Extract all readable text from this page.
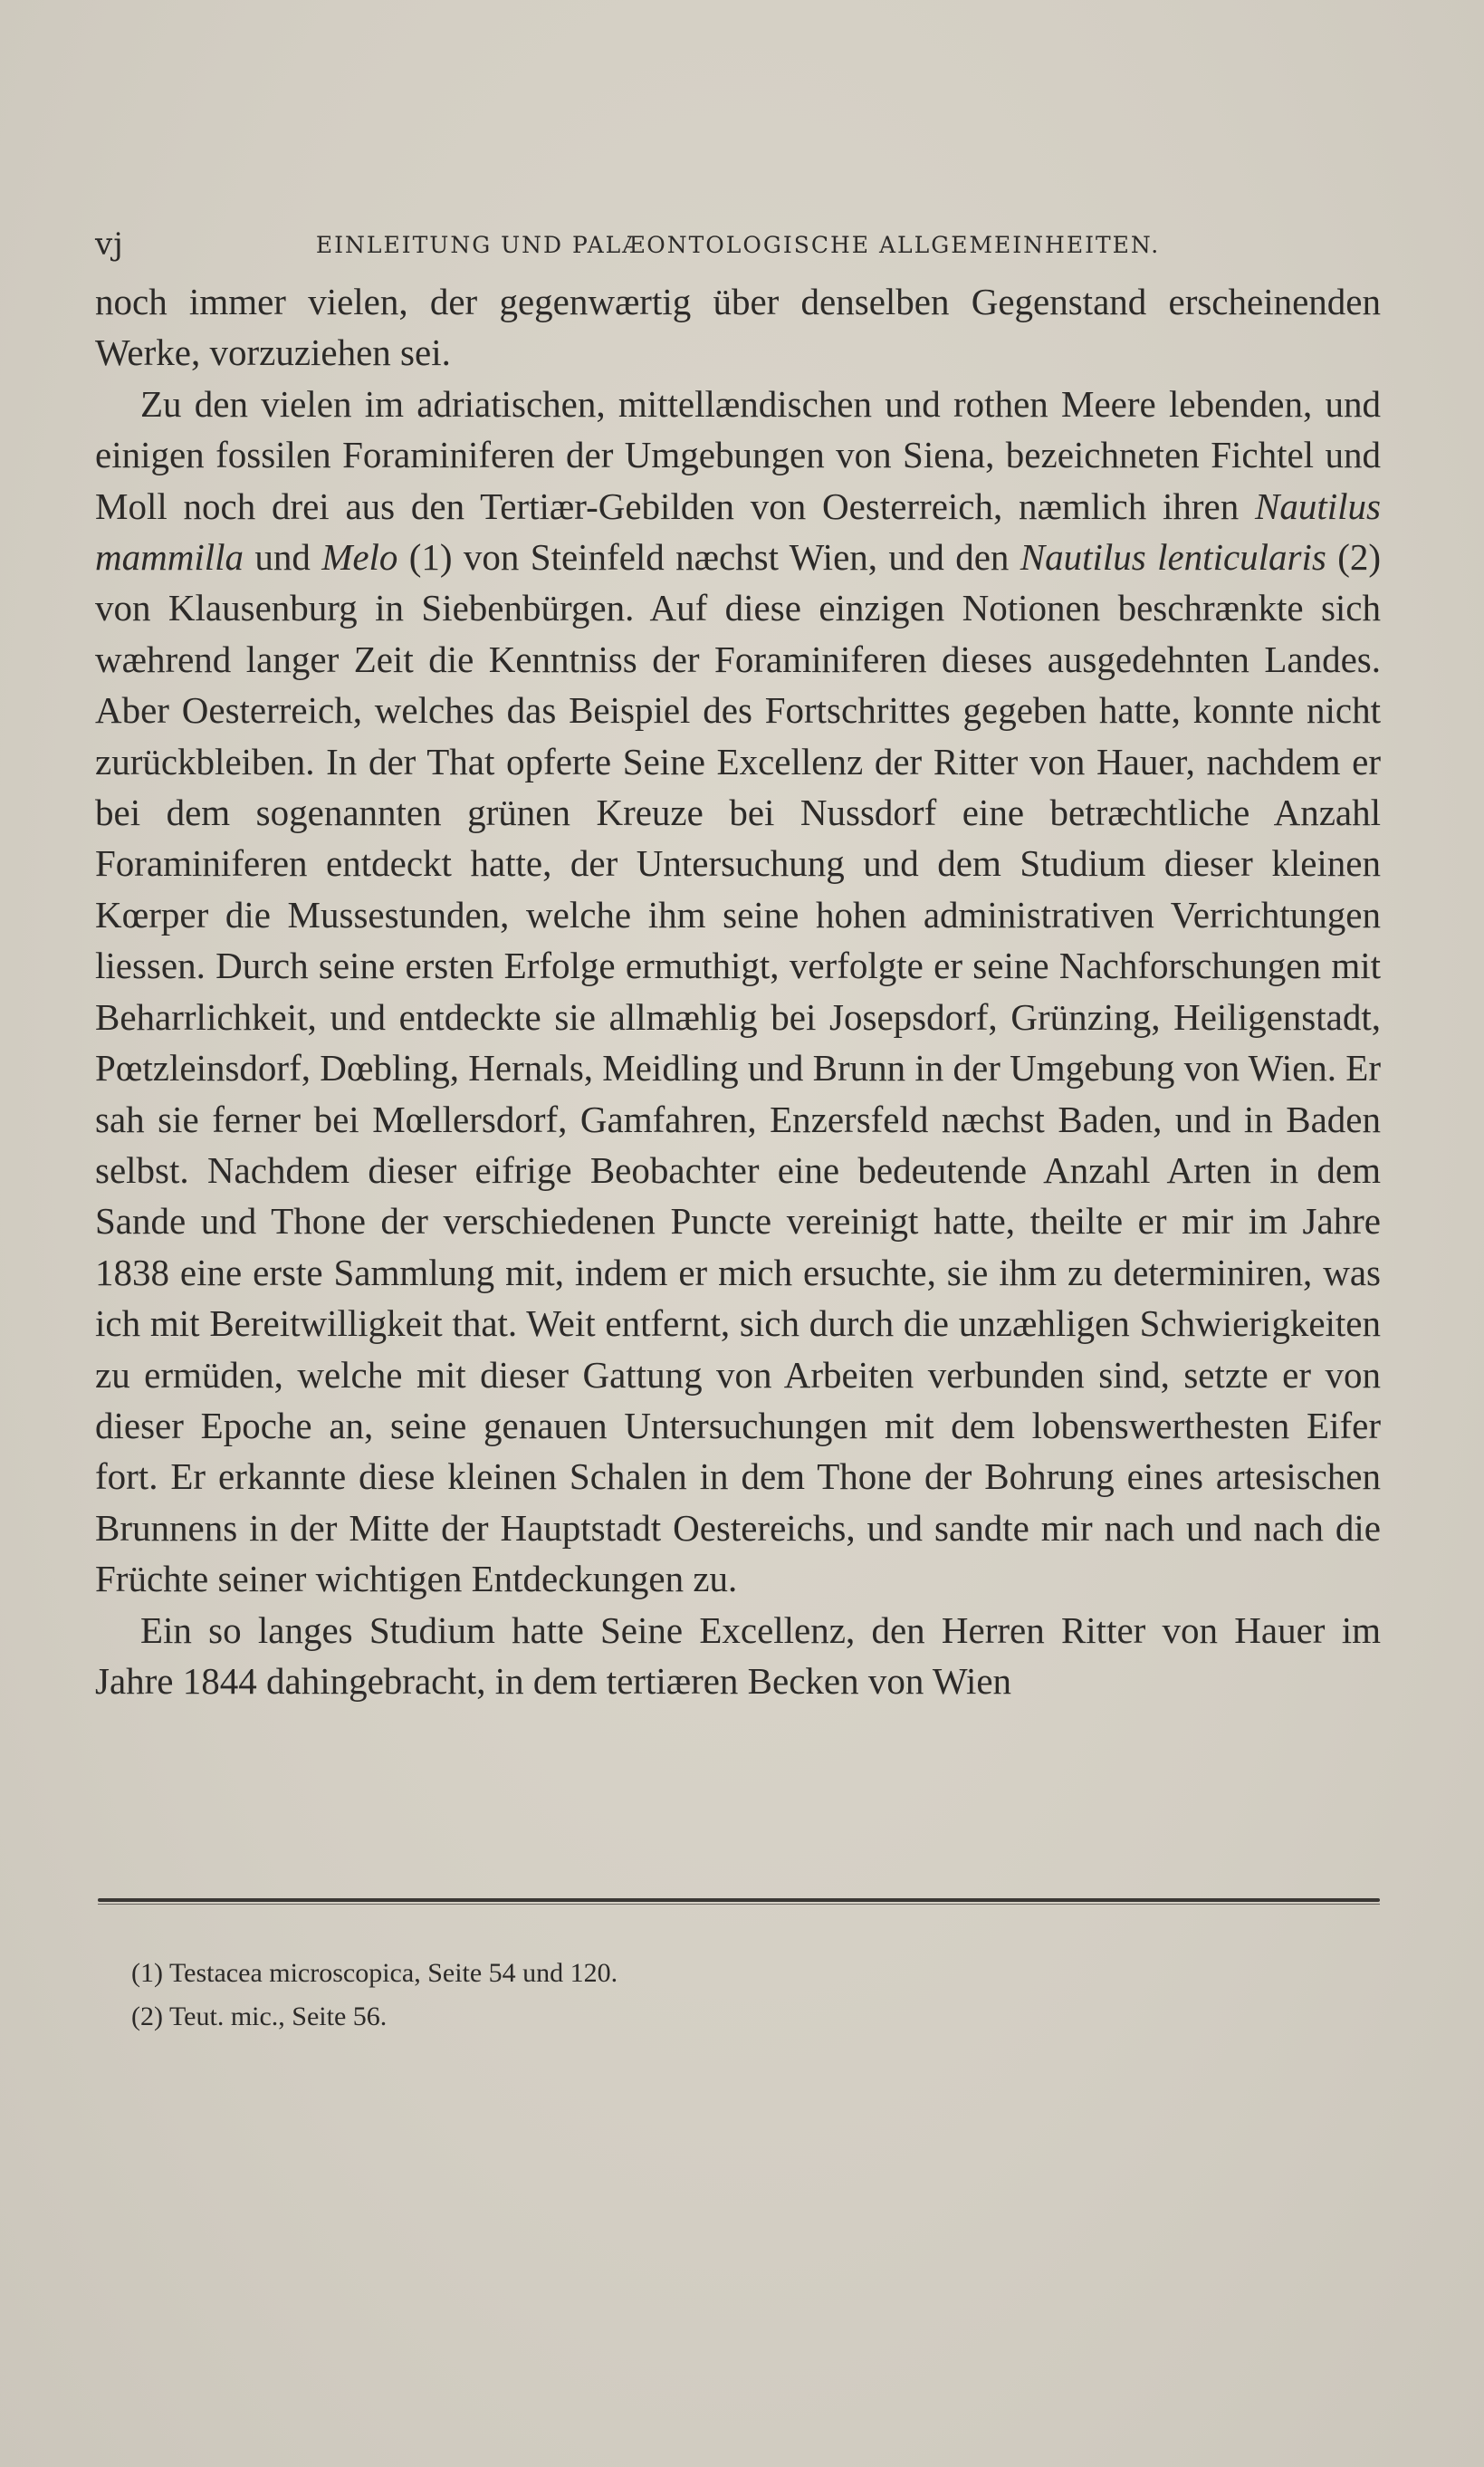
vj	EINLEITUNG UND PALÆONTOLOGISCHE ALLGEMEINHEITEN.

noch immer vielen, der gegenwærtig über denselben Gegenstand erscheinenden Werke, vorzuziehen sei.

Zu den vielen im adriatischen, mittellændischen und rothen Meere lebenden, und einigen fossilen Foraminiferen der Umgebungen von Siena, bezeichneten Fichtel und Moll noch drei aus den Tertiær-Gebilden von Oesterreich, næmlich ihren Nautilus mammilla und Melo (1) von Steinfeld næchst Wien, und den Nautilus lenticularis (2) von Klausenburg in Siebenbürgen. Auf diese einzigen Notionen beschrænkte sich wæhrend langer Zeit die Kenntniss der Foraminiferen dieses ausgedehnten Landes. Aber Oesterreich, welches das Beispiel des Fortschrittes gegeben hatte, konnte nicht zurückbleiben. In der That opferte Seine Excellenz der Ritter von Hauer, nachdem er bei dem sogenannten grünen Kreuze bei Nussdorf eine betræchtliche Anzahl Foraminiferen entdeckt hatte, der Untersuchung und dem Studium dieser kleinen Kœrper die Mussestunden, welche ihm seine hohen administrativen Verrichtungen liessen. Durch seine ersten Erfolge ermuthigt, verfolgte er seine Nachforschungen mit Beharrlichkeit, und entdeckte sie allmæhlig bei Josepsdorf, Grünzing, Heiligenstadt, Pœtzleinsdorf, Dœbling, Hernals, Meidling und Brunn in der Umgebung von Wien. Er sah sie ferner bei Mœllersdorf, Gamfahren, Enzersfeld næchst Baden, und in Baden selbst. Nachdem dieser eifrige Beobachter eine bedeutende Anzahl Arten in dem Sande und Thone der verschiedenen Puncte vereinigt hatte, theilte er mir im Jahre 1838 eine erste Sammlung mit, indem er mich ersuchte, sie ihm zu determiniren, was ich mit Bereitwilligkeit that. Weit entfernt, sich durch die unzæhligen Schwierigkeiten zu ermüden, welche mit dieser Gattung von Arbeiten verbunden sind, setzte er von dieser Epoche an, seine genauen Untersuchungen mit dem lobenswerthesten Eifer fort. Er erkannte diese kleinen Schalen in dem Thone der Bohrung eines artesischen Brunnens in der Mitte der Hauptstadt Oestereichs, und sandte mir nach und nach die Früchte seiner wichtigen Entdeckungen zu.

Ein so langes Studium hatte Seine Excellenz, den Herren Ritter von Hauer im Jahre 1844 dahingebracht, in dem tertiæren Becken von Wien

(1) Testacea microscopica, Seite 54 und 120.
(2) Teut. mic., Seite 56.
